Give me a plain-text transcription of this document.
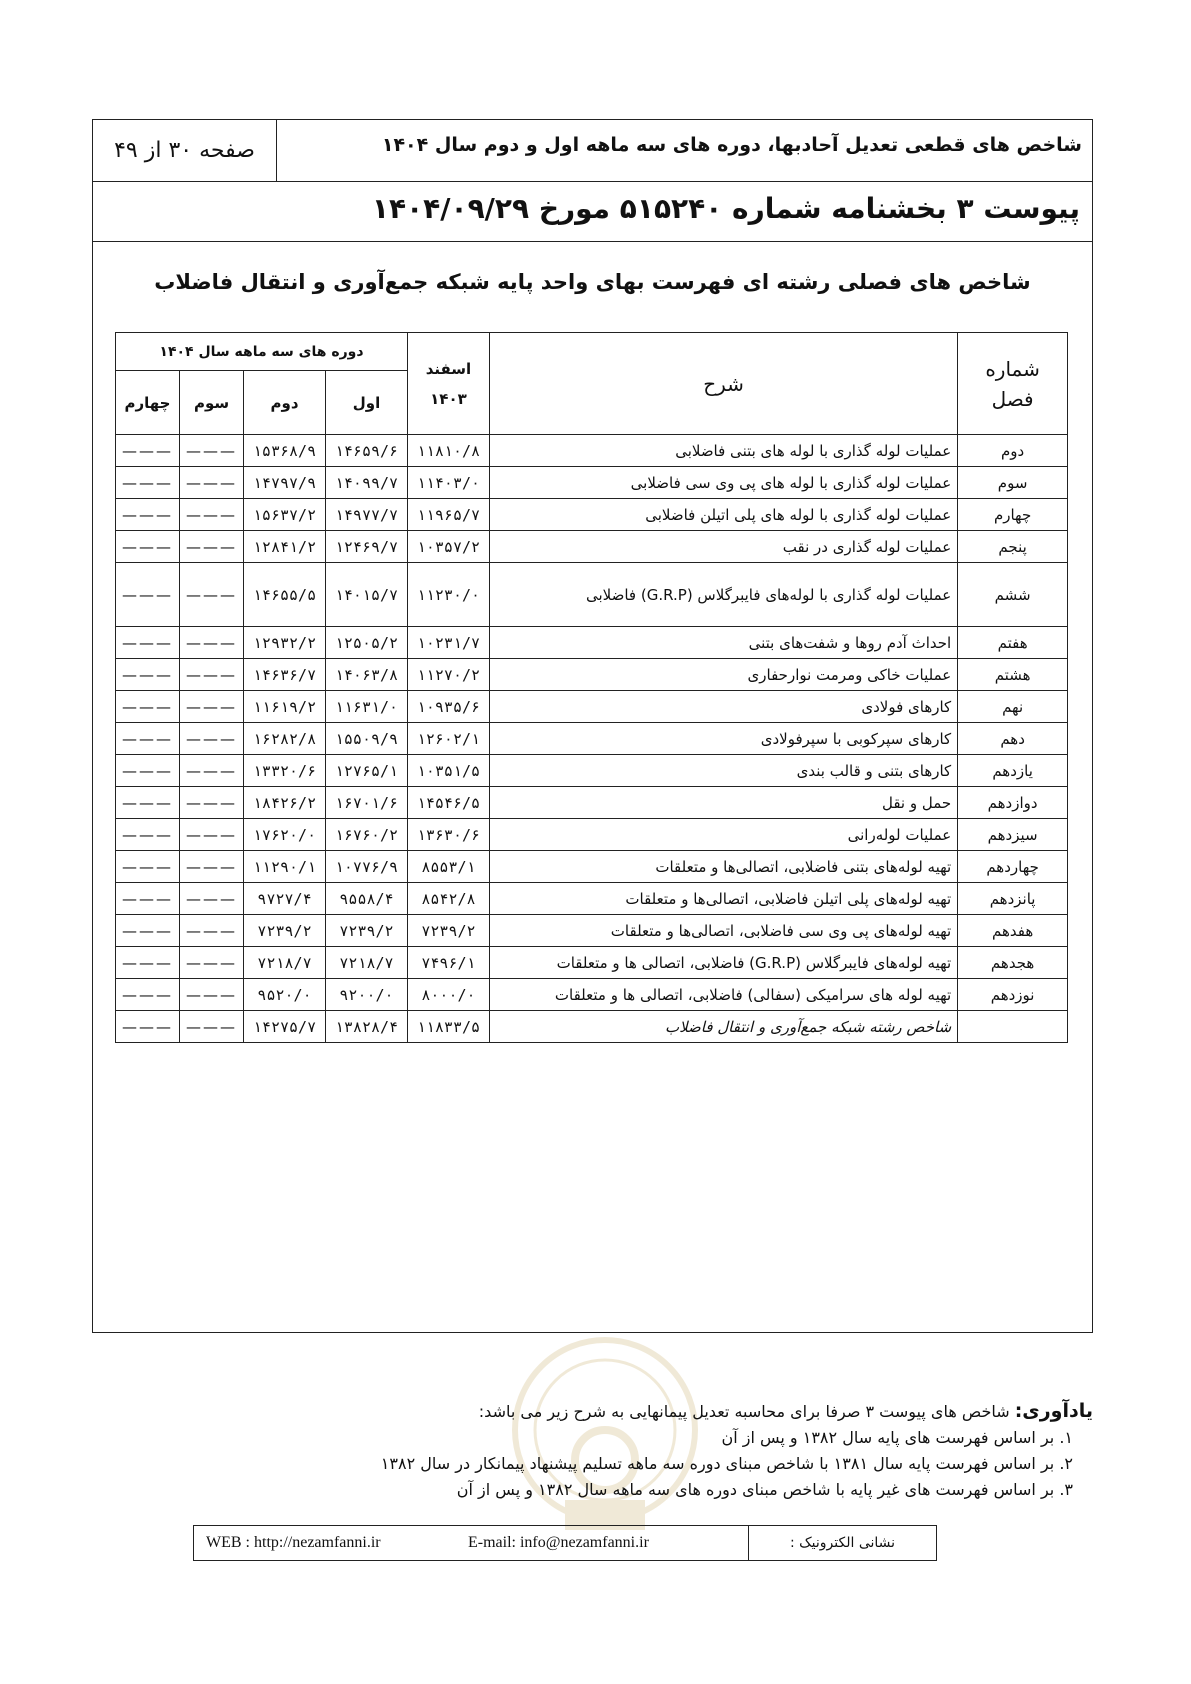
شاخص های قطعی تعدیل آحادبها، دوره های سه ماهه اول و دوم سال ۱۴۰۴
صفحه ۳۰ از ۴۹
پیوست ۳ بخشنامه شماره ۵۱۵۲۴۰ مورخ ۱۴۰۴/۰۹/۲۹
شاخص های فصلی رشته ای فهرست بهای واحد پایه شبکه جمع‌آوری و انتقال فاضلاب
شماره فصل	شرح	اسفند ۱۴۰۳	دوره های سه ماهه سال ۱۴۰۴			
			اول	دوم	سوم	چهارم
دوم	عملیات لوله گذاری با لوله های بتنی فاضلابی	۱۱۸۱۰/۸	۱۴۶۵۹/۶	۱۵۳۶۸/۹	———	———
سوم	عملیات لوله گذاری با لوله های پی وی سی فاضلابی	۱۱۴۰۳/۰	۱۴۰۹۹/۷	۱۴۷۹۷/۹	———	———
چهارم	عملیات لوله گذاری با لوله های پلی اتیلن فاضلابی	۱۱۹۶۵/۷	۱۴۹۷۷/۷	۱۵۶۳۷/۲	———	———
پنجم	عملیات لوله گذاری در نقب	۱۰۳۵۷/۲	۱۲۴۶۹/۷	۱۲۸۴۱/۲	———	———
ششم	عملیات لوله گذاری با لوله‌های فایبرگلاس (G.R.P) فاضلابی	۱۱۲۳۰/۰	۱۴۰۱۵/۷	۱۴۶۵۵/۵	———	———
هفتم	احداث آدم روها و شفت‌های بتنی	۱۰۲۳۱/۷	۱۲۵۰۵/۲	۱۲۹۳۲/۲	———	———
هشتم	عملیات خاکی ومرمت نوارحفاری	۱۱۲۷۰/۲	۱۴۰۶۳/۸	۱۴۶۳۶/۷	———	———
نهم	کارهای فولادی	۱۰۹۳۵/۶	۱۱۶۳۱/۰	۱۱۶۱۹/۲	———	———
دهم	کارهای سپرکوبی با سپرفولادی	۱۲۶۰۲/۱	۱۵۵۰۹/۹	۱۶۲۸۲/۸	———	———
یازدهم	کارهای بتنی و قالب بندی	۱۰۳۵۱/۵	۱۲۷۶۵/۱	۱۳۳۲۰/۶	———	———
دوازدهم	حمل و نقل	۱۴۵۴۶/۵	۱۶۷۰۱/۶	۱۸۴۲۶/۲	———	———
سیزدهم	عملیات لوله‌رانی	۱۳۶۳۰/۶	۱۶۷۶۰/۲	۱۷۶۲۰/۰	———	———
چهاردهم	تهیه لوله‌های بتنی فاضلابی، اتصالی‌ها و متعلقات	۸۵۵۳/۱	۱۰۷۷۶/۹	۱۱۲۹۰/۱	———	———
پانزدهم	تهیه لوله‌های پلی اتیلن فاضلابی، اتصالی‌ها و متعلقات	۸۵۴۲/۸	۹۵۵۸/۴	۹۷۲۷/۴	———	———
هفدهم	تهیه لوله‌های پی وی سی فاضلابی، اتصالی‌ها و متعلقات	۷۲۳۹/۲	۷۲۳۹/۲	۷۲۳۹/۲	———	———
هجدهم	تهیه لوله‌های فایبرگلاس (G.R.P) فاضلابی، اتصالی ها و متعلقات	۷۴۹۶/۱	۷۲۱۸/۷	۷۲۱۸/۷	———	———
نوزدهم	تهیه لوله های سرامیکی (سفالی) فاضلابی، اتصالی ها و متعلقات	۸۰۰۰/۰	۹۲۰۰/۰	۹۵۲۰/۰	———	———
	شاخص رشته شبکه جمع‌آوری و انتقال فاضلاب	۱۱۸۳۳/۵	۱۳۸۲۸/۴	۱۴۲۷۵/۷	———	———
یادآوری: شاخص های پیوست ۳ صرفا برای محاسبه تعدیل پیمانهایی به شرح زیر می باشد:
۱. بر اساس فهرست های پایه سال ۱۳۸۲ و پس از آن
۲. بر اساس فهرست پایه سال ۱۳۸۱ با شاخص مبنای دوره سه ماهه تسلیم پیشنهاد پیمانکار در سال ۱۳۸۲
۳. بر اساس فهرست های غیر پایه با شاخص مبنای دوره های سه ماهه سال ۱۳۸۲ و پس از آن
نشانی الکترونیک :
E-mail: info@nezamfanni.ir
WEB : http://nezamfanni.ir
